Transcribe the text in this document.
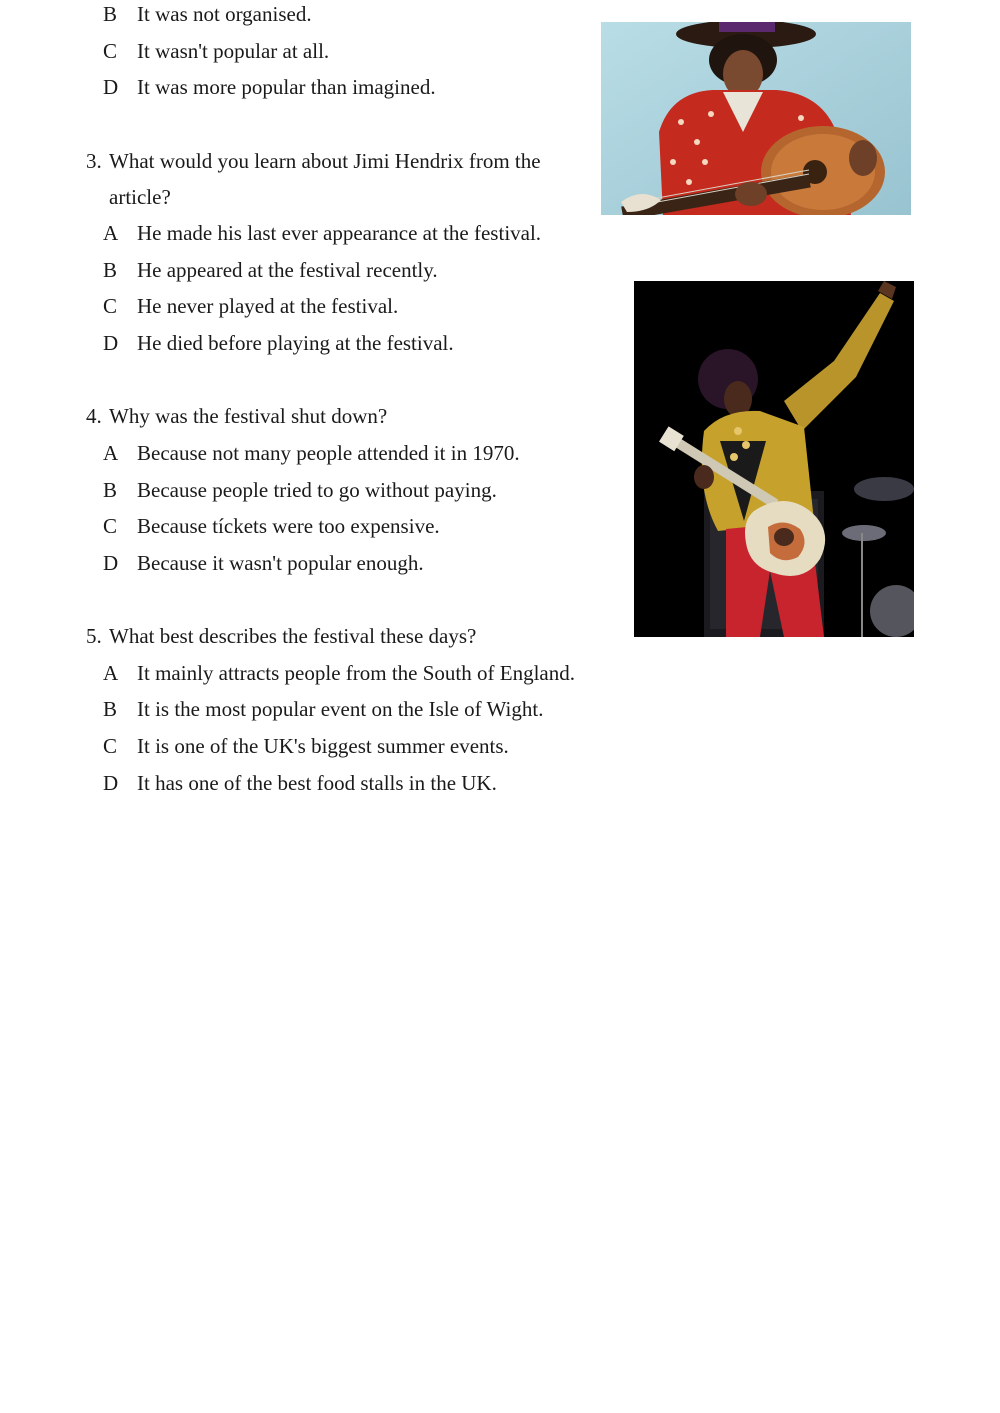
B It was not organised.
C It wasn't popular at all.
D It was more popular than imagined.
3. What would you learn about Jimi Hendrix from the
article?
A He made his last ever appearance at the festival.
B He appeared at the festival recently.
C He never played at the festival.
D He died before playing at the festival.
4. Why was the festival shut down?
A Because not many people attended it in 1970.
B Because people tried to go without paying.
C Because tíckets were too expensive.
D Because it wasn't popular enough.
5. What best describes the festival these days?
A It mainly attracts people from the South of England.
B It is the most popular event on the Isle of Wight.
C It is one of the UK's biggest summer events.
D It has one of the best food stalls in the UK.
